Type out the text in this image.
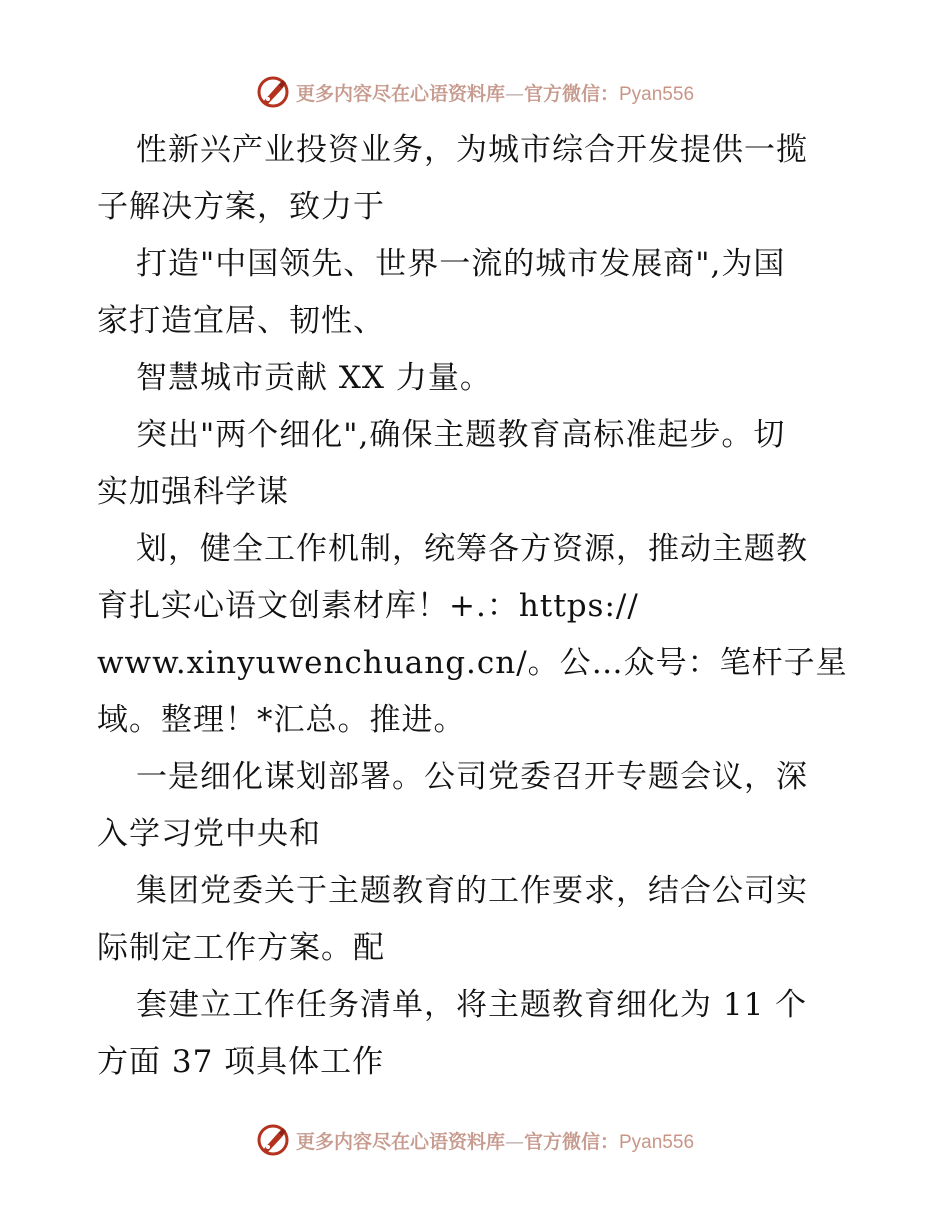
更多内容尽在心语资料库—官方微信：Pyan556
性新兴产业投资业务，为城市综合开发提供一揽
子解决方案，致力于
打造"中国领先、世界一流的城市发展商",为国
家打造宜居、韧性、
智慧城市贡献 XX 力量。
突出"两个细化",确保主题教育高标准起步。切
实加强科学谋
划，健全工作机制，统筹各方资源，推动主题教
育扎实心语文创素材库！+.：https://
www.xinyuwenchuang.cn/。公…众号：笔杆子星
域。整理！*汇总。推进。
一是细化谋划部署。公司党委召开专题会议，深
入学习党中央和
集团党委关于主题教育的工作要求，结合公司实
际制定工作方案。配
套建立工作任务清单，将主题教育细化为 11 个
方面 37 项具体工作
更多内容尽在心语资料库—官方微信：Pyan556
